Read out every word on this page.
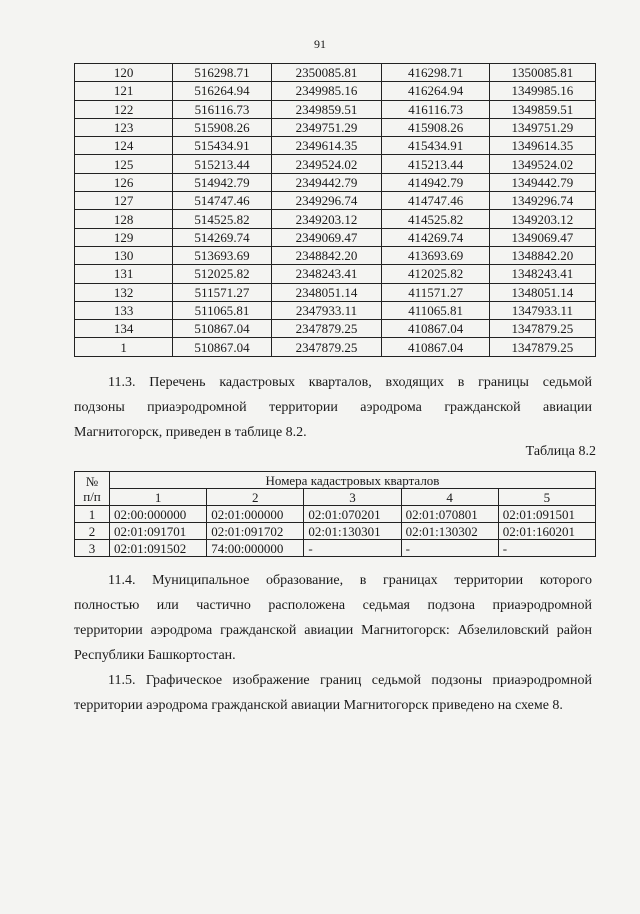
91
120	516298.71	2350085.81	416298.71	1350085.81
121	516264.94	2349985.16	416264.94	1349985.16
122	516116.73	2349859.51	416116.73	1349859.51
123	515908.26	2349751.29	415908.26	1349751.29
124	515434.91	2349614.35	415434.91	1349614.35
125	515213.44	2349524.02	415213.44	1349524.02
126	514942.79	2349442.79	414942.79	1349442.79
127	514747.46	2349296.74	414747.46	1349296.74
128	514525.82	2349203.12	414525.82	1349203.12
129	514269.74	2349069.47	414269.74	1349069.47
130	513693.69	2348842.20	413693.69	1348842.20
131	512025.82	2348243.41	412025.82	1348243.41
132	511571.27	2348051.14	411571.27	1348051.14
133	511065.81	2347933.11	411065.81	1347933.11
134	510867.04	2347879.25	410867.04	1347879.25
1	510867.04	2347879.25	410867.04	1347879.25
11.3. Перечень кадастровых кварталов, входящих в границы седьмой
подзоны приаэродромной территории аэродрома гражданской авиации
Магнитогорск, приведен в таблице 8.2.
Таблица 8.2
№
п/п	Номера кадастровых кварталов				
	1	2	3	4	5
1	02:00:000000	02:01:000000	02:01:070201	02:01:070801	02:01:091501
2	02:01:091701	02:01:091702	02:01:130301	02:01:130302	02:01:160201
3	02:01:091502	74:00:000000	-	-	-
11.4. Муниципальное образование, в границах территории которого
полностью или частично расположена седьмая подзона приаэродромной
территории аэродрома гражданской авиации Магнитогорск: Абзелиловский район
Республики Башкортостан.
11.5. Графическое изображение границ седьмой подзоны приаэродромной
территории аэродрома гражданской авиации Магнитогорск приведено на схеме 8.
